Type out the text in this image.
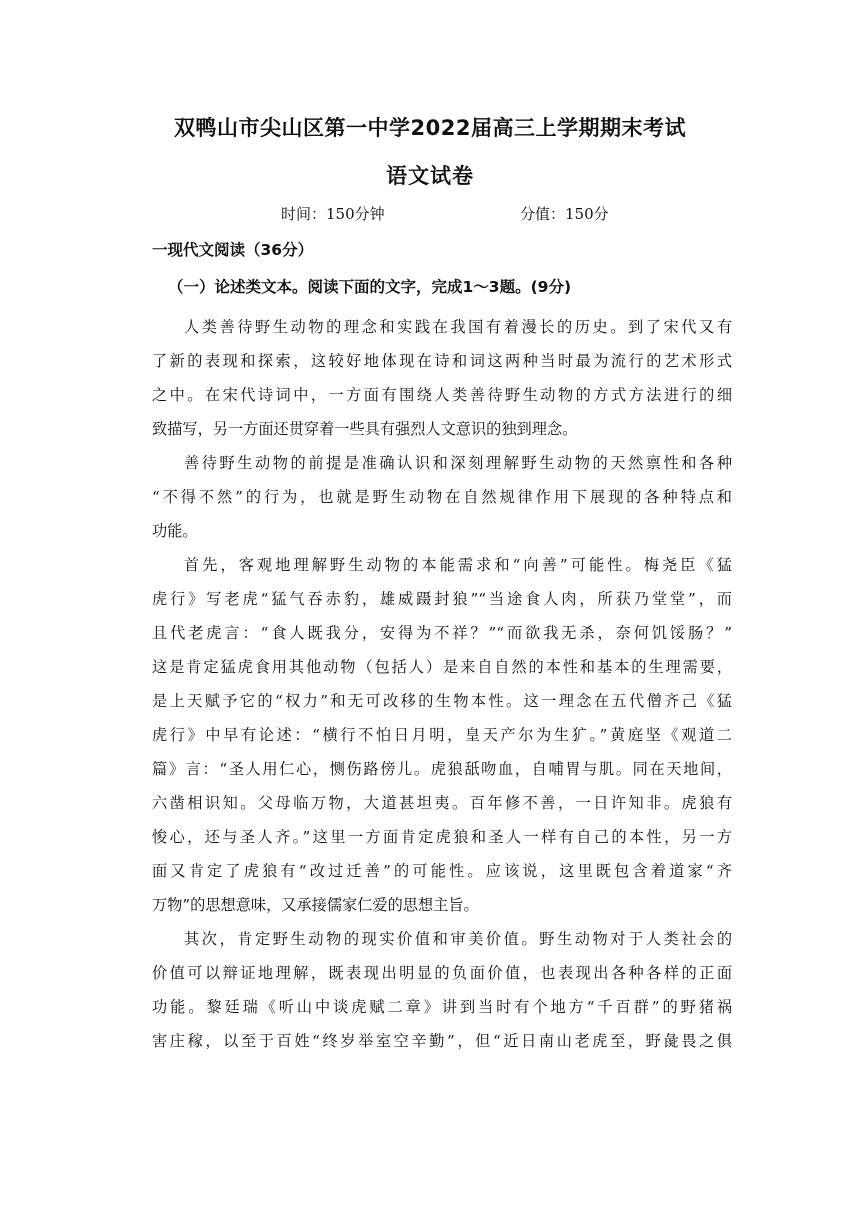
双鸭山市尖山区第一中学2022届高三上学期期末考试
语文试卷
时间：150分钟	分值：150分
一现代文阅读（36分）
（一）论述类文本。阅读下面的文字，完成1～3题。(9分)
人类善待野生动物的理念和实践在我国有着漫长的历史。到了宋代又有
了新的表现和探索，这较好地体现在诗和词这两种当时最为流行的艺术形式
之中。在宋代诗词中，一方面有围绕人类善待野生动物的方式方法进行的细
致描写，另一方面还贯穿着一些具有强烈人文意识的独到理念。
善待野生动物的前提是准确认识和深刻理解野生动物的天然禀性和各种
“不得不然”的行为，也就是野生动物在自然规律作用下展现的各种特点和
功能。
首先，客观地理解野生动物的本能需求和“向善”可能性。梅尧臣《猛
虎行》写老虎“猛气吞赤豹，雄威蹑封狼”“当途食人肉，所获乃堂堂”，而
且代老虎言：“食人既我分，安得为不祥？”“而欲我无杀，奈何饥馁肠？”
这是肯定猛虎食用其他动物（包括人）是来自自然的本性和基本的生理需要，
是上天赋予它的“权力”和无可改移的生物本性。这一理念在五代僧齐己《猛
虎行》中早有论述：“横行不怕日月明，皇天产尔为生犷。”黄庭坚《观道二
篇》言：“圣人用仁心，恻伤路傍儿。虎狼舐吻血，自哺胃与肌。同在天地间，
六凿相识知。父母临万物，大道甚坦夷。百年修不善，一日许知非。虎狼有
悛心，还与圣人齐。”这里一方面肯定虎狼和圣人一样有自己的本性，另一方
面又肯定了虎狼有“改过迁善”的可能性。应该说，这里既包含着道家“齐
万物”的思想意味，又承接儒家仁爱的思想主旨。
其次，肯定野生动物的现实价值和审美价值。野生动物对于人类社会的
价值可以辩证地理解，既表现出明显的负面价值，也表现出各种各样的正面
功能。黎廷瑞《听山中谈虎赋二章》讲到当时有个地方“千百群”的野猪祸
害庄稼，以至于百姓“终岁举室空辛勤”，但“近日南山老虎至，野彘畏之俱
